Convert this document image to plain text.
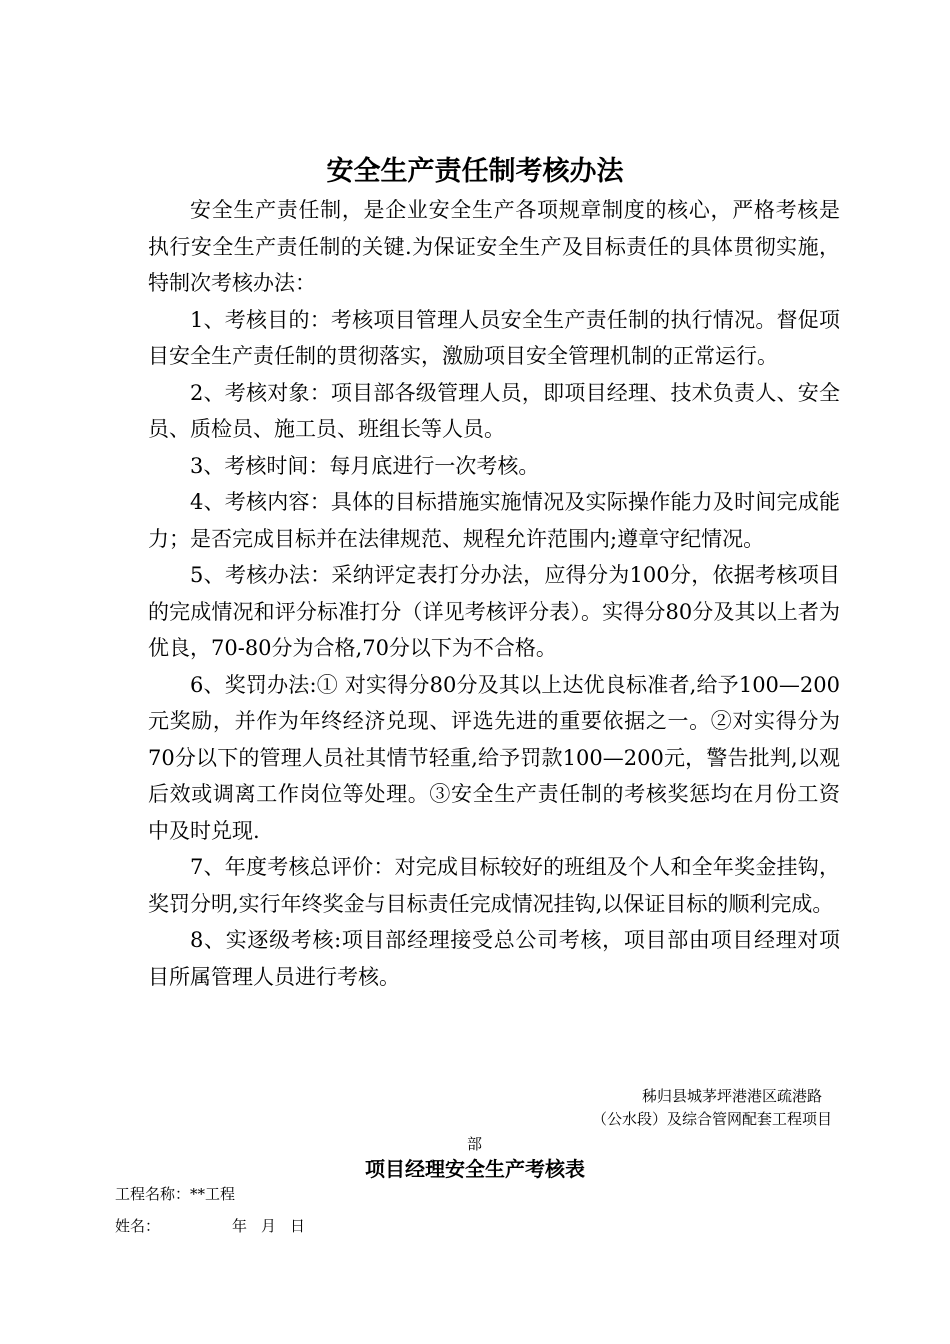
安全生产责任制考核办法

安全生产责任制，是企业安全生产各项规章制度的核心，严格考核是执行安全生产责任制的关键.为保证安全生产及目标责任的具体贯彻实施，特制次考核办法：

1、考核目的：考核项目管理人员安全生产责任制的执行情况。督促项目安全生产责任制的贯彻落实，激励项目安全管理机制的正常运行。

2、考核对象：项目部各级管理人员，即项目经理、技术负责人、安全员、质检员、施工员、班组长等人员。

3、考核时间：每月底进行一次考核。

4、考核内容：具体的目标措施实施情况及实际操作能力及时间完成能力；是否完成目标并在法律规范、规程允许范围内;遵章守纪情况。

5、考核办法：采纳评定表打分办法，应得分为100分，依据考核项目的完成情况和评分标准打分（详见考核评分表）。实得分80分及其以上者为优良，70-80分为合格,70分以下为不合格。

6、奖罚办法:① 对实得分80分及其以上达优良标准者,给予100—200元奖励，并作为年终经济兑现、评选先进的重要依据之一。②对实得分为70分以下的管理人员社其情节轻重,给予罚款100—200元，警告批判,以观后效或调离工作岗位等处理。③安全生产责任制的考核奖惩均在月份工资中及时兑现.

7、年度考核总评价：对完成目标较好的班组及个人和全年奖金挂钩，奖罚分明,实行年终奖金与目标责任完成情况挂钩,以保证目标的顺利完成。

8、实逐级考核:项目部经理接受总公司考核，项目部由项目经理对项目所属管理人员进行考核。

秭归县城茅坪港港区疏港路
（公水段）及综合管网配套工程项目
部
项目经理安全生产考核表
工程名称：**工程
姓名：	年 月 日
